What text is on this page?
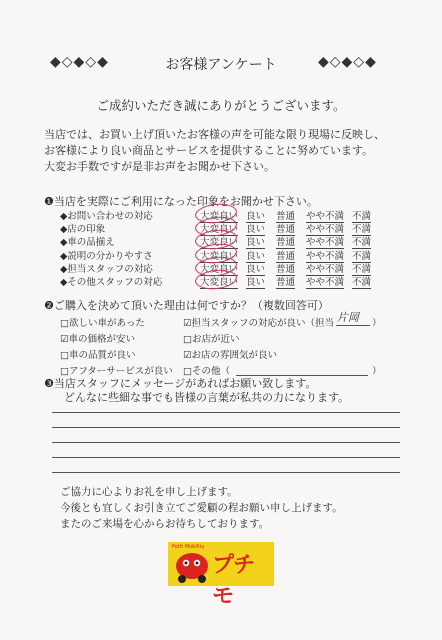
◆◇◆◇◆	お客様アンケート	◆◇◆◇◆
ご成約いただき誠にありがとうございます。
当店では、お買い上げ頂いたお客様の声を可能な限り現場に反映し、
お客様により良い商品とサービスを提供することに努めています。
大変お手数ですが是非お声をお聞かせ下さい。
❶当店を実際にご利用になった印象をお聞かせ下さい。
◆お問い合わせの対応	大変良い 良い 普通 やや不満 不満
◆店の印象	大変良い 良い 普通 やや不満 不満
◆車の品揃え	大変良い 良い 普通 やや不満 不満
◆説明の分かりやすさ	大変良い 良い 普通 やや不満 不満
◆担当スタッフの対応	大変良い 良い 普通 やや不満 不満
◆その他スタッフの対応	大変良い 良い 普通 やや不満 不満
❷ご購入を決めて頂いた理由は何ですか？（複数回答可）
□欲しい車があった
☑車の価格が安い
□車の品質が良い
□アフターサービスが良い
☑担当スタッフの対応が良い（担当 片岡 ）
□お店が近い
☑お店の雰囲気が良い
□その他（	）
❸当店スタッフにメッセージがあればお願い致します。
どんなに些細な事でも皆様の言葉が私共の力になります。
ご協力に心よりお礼を申し上げます。
今後とも宜しくお引き立てご愛顧の程お願い申し上げます。
またのご来場を心からお待ちしております。
Petit Mobility
プチモ
